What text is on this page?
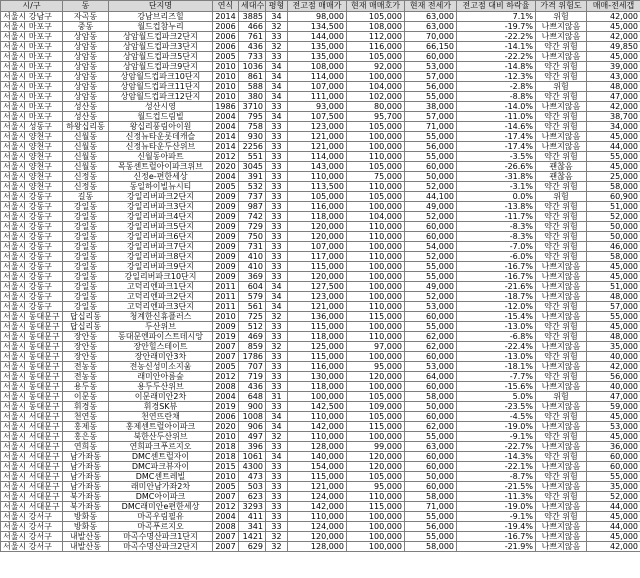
시/구	동	단지명	연식	세대수	평형	전고점 매매가	현재 매매호가	현재 전세가	전고점 대비 하락율	가격 위험도	매매-전세갭
서울시 강남구	자곡동	강남브리즈힐	2014	3885	34	98,000	105,000	63,000	7.1%	위험	42,000
서울시 마포구	중동	월드컵참누리	2006	466	32	134,500	108,000	63,000	-19.7%	나쁘지않음	45,000
서울시 마포구	상암동	상암월드컵파크2단지	2006	761	33	144,000	112,000	70,000	-22.2%	나쁘지않음	42,000
서울시 마포구	상암동	상암월드컵파크3단지	2006	436	32	135,000	116,000	66,150	-14.1%	약간 위험	49,850
서울시 마포구	상암동	상암월드컵파크5단지	2005	733	33	135,000	105,000	60,000	-22.2%	나쁘지않음	45,000
서울시 마포구	상암동	상암월드컵파크9단지	2010	1036	34	108,000	92,000	53,000	-14.8%	약간 위험	39,000
서울시 마포구	상암동	상암월드컵파크10단지	2010	861	34	114,000	100,000	57,000	-12.3%	약간 위험	43,000
서울시 마포구	상암동	상암월드컵파크11단지	2010	588	34	107,000	104,000	56,000	-2.8%	위험	48,000
서울시 마포구	상암동	상암월드컵파크12단지	2010	380	34	111,000	102,000	55,000	-8.8%	약간 위험	47,000
서울시 마포구	성산동	성산시영	1986	3710	33	93,000	80,000	38,000	-14.0%	나쁘지않음	42,000
서울시 마포구	성산동	월드컵드림빌	2004	795	34	107,500	95,700	57,000	-11.0%	약간 위험	38,700
서울시 성동구	하왕십리동	왕십리풍림아이원	2004	758	33	123,000	105,000	71,000	-14.6%	약간 위험	34,000
서울시 양천구	신월동	신정뉴타운롯데캐슬	2014	930	33	121,000	100,000	55,000	-17.4%	나쁘지않음	45,000
서울시 양천구	신월동	신정뉴타운두산위브	2014	2256	33	121,000	100,000	56,000	-17.4%	나쁘지않음	44,000
서울시 양천구	신월동	신월동아파트	2012	551	33	114,000	110,000	55,000	-3.5%	약간 위험	55,000
서울시 양천구	신월동	목동센트럴아이파크위브	2020	3045	33	143,000	105,000	60,000	-26.6%	괜찮음	45,000
서울시 양천구	신정동	신정e-편한세상	2004	391	33	110,000	75,000	50,000	-31.8%	괜찮음	25,000
서울시 양천구	신정동	동일하이빌뉴시티	2005	532	33	113,500	110,000	52,000	-3.1%	약간 위험	58,000
서울시 강동구	길동	강일리버파크2단지	2009	737	33	105,000	105,000	44,100	0.0%	위험	60,900
서울시 강동구	강일동	강일리버파크3단지	2009	987	33	116,000	100,000	49,000	-13.8%	약간 위험	51,000
서울시 강동구	강일동	강일리버파크4단지	2009	742	33	118,000	104,000	52,000	-11.7%	약간 위험	52,000
서울시 강동구	강일동	강일리버파크5단지	2009	729	33	120,000	110,000	60,000	-8.3%	약간 위험	50,000
서울시 강동구	강일동	강일리버파크6단지	2009	750	33	120,000	110,000	60,000	-8.3%	약간 위험	50,000
서울시 강동구	강일동	강일리버파크7단지	2009	731	33	107,000	100,000	54,000	-7.0%	약간 위험	46,000
서울시 강동구	강일동	강일리버파크8단지	2009	410	33	117,000	110,000	52,000	-6.0%	약간 위험	58,000
서울시 강동구	강일동	강일리버파크9단지	2009	410	33	115,000	100,000	55,000	-16.7%	나쁘지않음	45,000
서울시 강동구	강일동	강일리버파크10단지	2009	369	33	120,000	100,000	55,000	-16.7%	나쁘지않음	45,000
서울시 강동구	강일동	고덕리엔파크1단지	2011	604	34	127,500	100,000	49,000	-21.6%	나쁘지않음	51,000
서울시 강동구	강일동	고덕리엔파크2단지	2011	579	34	123,000	100,000	52,000	-18.7%	나쁘지않음	48,000
서울시 강동구	강일동	고덕리엔파크3단지	2011	561	34	121,000	110,000	53,000	-12.0%	약간 위험	57,000
서울시 동대문구	답십리동	청계한신휴플러스	2010	725	32	136,000	115,000	60,000	-15.4%	나쁘지않음	55,000
서울시 동대문구	답십리동	두산위브	2009	512	33	115,000	100,000	55,000	-13.0%	약간 위험	45,000
서울시 동대문구	장안동	동대문엔파이스트데시앙	2019	469	33	118,000	110,000	62,000	-6.8%	약간 위험	48,000
서울시 동대문구	장안동	장안힐스테이트	2007	859	32	125,000	97,000	62,000	-22.4%	나쁘지않음	35,000
서울시 동대문구	장안동	장안래미안3차	2007	1786	33	115,000	100,000	60,000	-13.0%	약간 위험	40,000
서울시 동대문구	전농동	전농신성미소지움	2005	707	33	116,000	95,000	53,000	-18.1%	나쁘지않음	42,000
서울시 동대문구	전농동	래미안아름숲	2012	719	33	130,000	120,000	64,000	-7.7%	약간 위험	56,000
서울시 동대문구	용두동	용두두산위브	2008	436	33	118,000	100,000	60,000	-15.6%	나쁘지않음	40,000
서울시 동대문구	이문동	이문래미안2차	2004	648	31	100,000	105,000	58,000	5.0%	위험	47,000
서울시 동대문구	휘경동	휘경SK뷰	2019	900	33	142,500	109,000	50,000	-23.5%	나쁘지않음	59,000
서울시 서대문구	천연동	천연뜨란채	2006	1008	34	110,000	105,000	60,000	-4.5%	약간 위험	45,000
서울시 서대문구	홍제동	홍제센트럴아이파크	2020	906	34	142,000	115,000	62,000	-19.0%	나쁘지않음	53,000
서울시 서대문구	홍은동	북한산두산위브	2010	497	32	110,000	100,000	55,000	-9.1%	약간 위험	45,000
서울시 서대문구	연희동	연희파크푸르지오	2018	396	33	128,000	99,000	63,000	-22.7%	나쁘지않음	36,000
서울시 서대문구	남가좌동	DMC센트럴자이	2018	1061	34	140,000	120,000	60,000	-14.3%	약간 위험	60,000
서울시 서대문구	남가좌동	DMC파크뷰자이	2015	4300	33	154,000	120,000	60,000	-22.1%	나쁘지않음	60,000
서울시 서대문구	남가좌동	DMC센트레빌	2010	473	33	115,000	105,000	50,000	-8.7%	약간 위험	55,000
서울시 서대문구	남가좌동	래미안남가좌2차	2005	503	33	121,000	95,000	60,000	-21.5%	나쁘지않음	35,000
서울시 서대문구	북가좌동	DMC아이파크	2007	623	33	124,000	110,000	58,000	-11.3%	약간 위험	52,000
서울시 서대문구	북가좌동	DMC래미안e편한세상	2012	3293	33	142,000	115,000	71,000	-19.0%	나쁘지않음	44,000
서울시 강서구	방화동	마곡우림필유	2004	411	33	110,000	100,000	55,000	-9.1%	약간 위험	45,000
서울시 강서구	방화동	마곡푸르지오	2008	341	33	124,000	100,000	56,000	-19.4%	나쁘지않음	44,000
서울시 강서구	내발산동	마곡수명산파크1단지	2007	1421	32	120,000	100,000	55,000	-16.7%	나쁘지않음	45,000
서울시 강서구	내발산동	마곡수명산파크2단지	2007	629	32	128,000	100,000	58,000	-21.9%	나쁘지않음	42,000
